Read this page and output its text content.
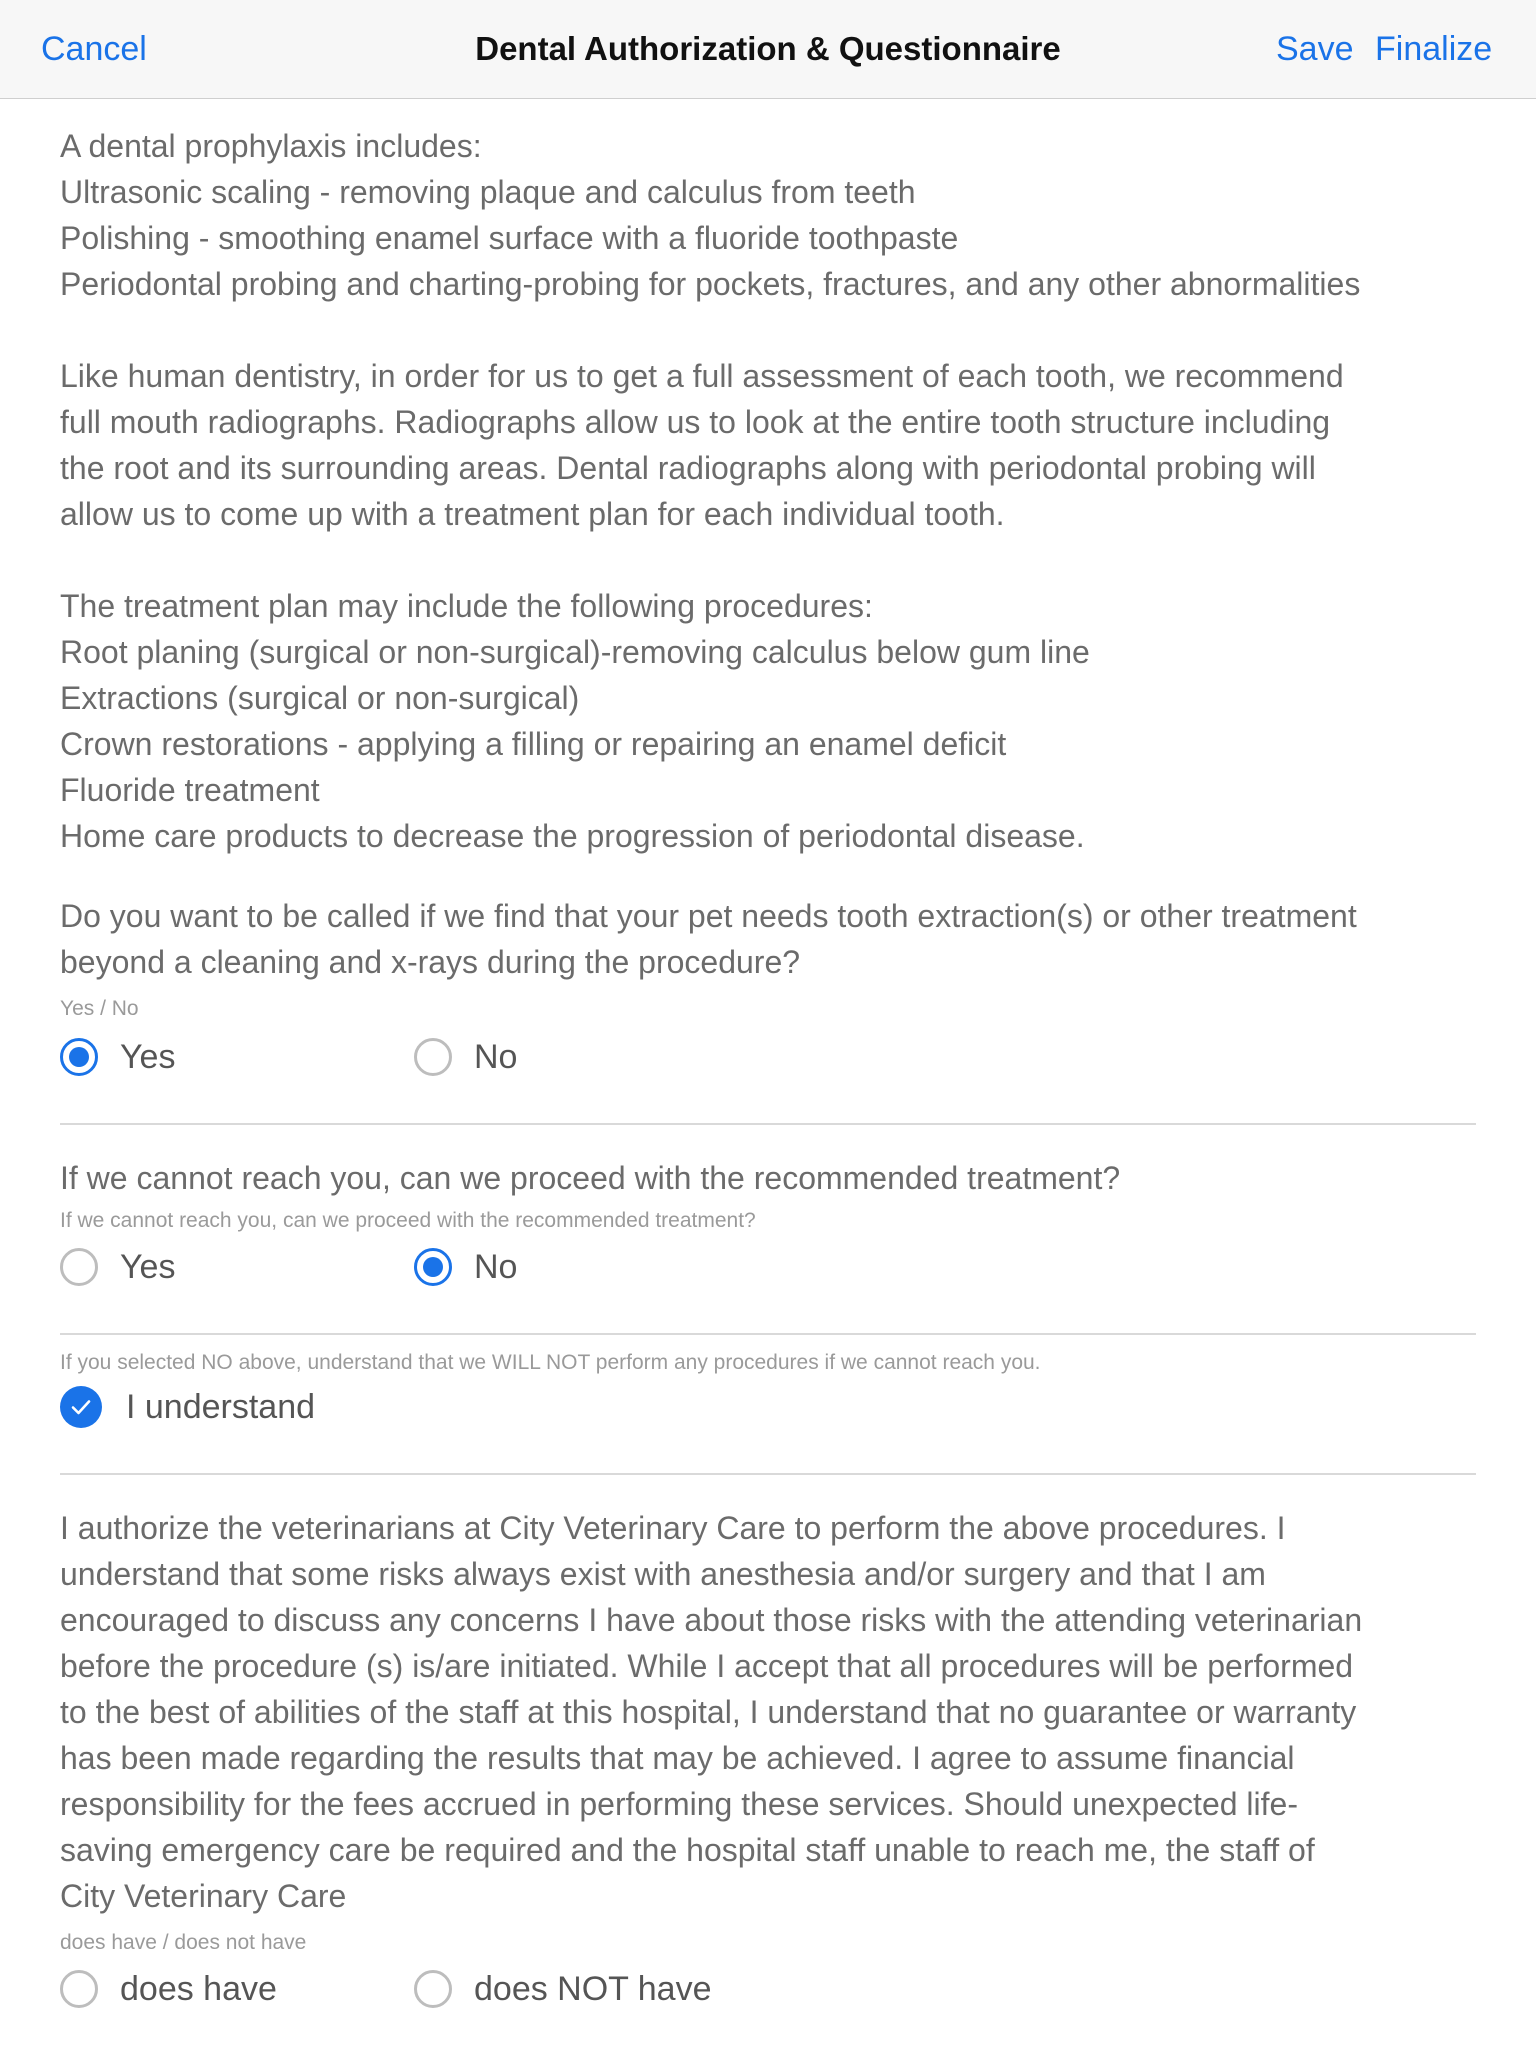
Cancel	Dental Authorization & Questionnaire	Save Finalize

A dental prophylaxis includes:
Ultrasonic scaling - removing plaque and calculus from teeth
Polishing - smoothing enamel surface with a fluoride toothpaste
Periodontal probing and charting-probing for pockets, fractures, and any other abnormalities

Like human dentistry, in order for us to get a full assessment of each tooth, we recommend
full mouth radiographs. Radiographs allow us to look at the entire tooth structure including
the root and its surrounding areas. Dental radiographs along with periodontal probing will
allow us to come up with a treatment plan for each individual tooth.

The treatment plan may include the following procedures:
Root planing (surgical or non-surgical)-removing calculus below gum line
Extractions (surgical or non-surgical)
Crown restorations - applying a filling or repairing an enamel deficit
Fluoride treatment
Home care products to decrease the progression of periodontal disease.

Do you want to be called if we find that your pet needs tooth extraction(s) or other treatment
beyond a cleaning and x-rays during the procedure?

Yes / No
Yes	No

If we cannot reach you, can we proceed with the recommended treatment?

If we cannot reach you, can we proceed with the recommended treatment?
Yes	No
If you selected NO above, understand that we WILL NOT perform any procedures if we cannot reach you.
I understand

I authorize the veterinarians at City Veterinary Care to perform the above procedures. I
understand that some risks always exist with anesthesia and/or surgery and that I am
encouraged to discuss any concerns I have about those risks with the attending veterinarian
before the procedure (s) is/are initiated. While I accept that all procedures will be performed
to the best of abilities of the staff at this hospital, I understand that no guarantee or warranty
has been made regarding the results that may be achieved. I agree to assume financial
responsibility for the fees accrued in performing these services. Should unexpected life-
saving emergency care be required and the hospital staff unable to reach me, the staff of
City Veterinary Care

does have / does not have
does have	does NOT have
